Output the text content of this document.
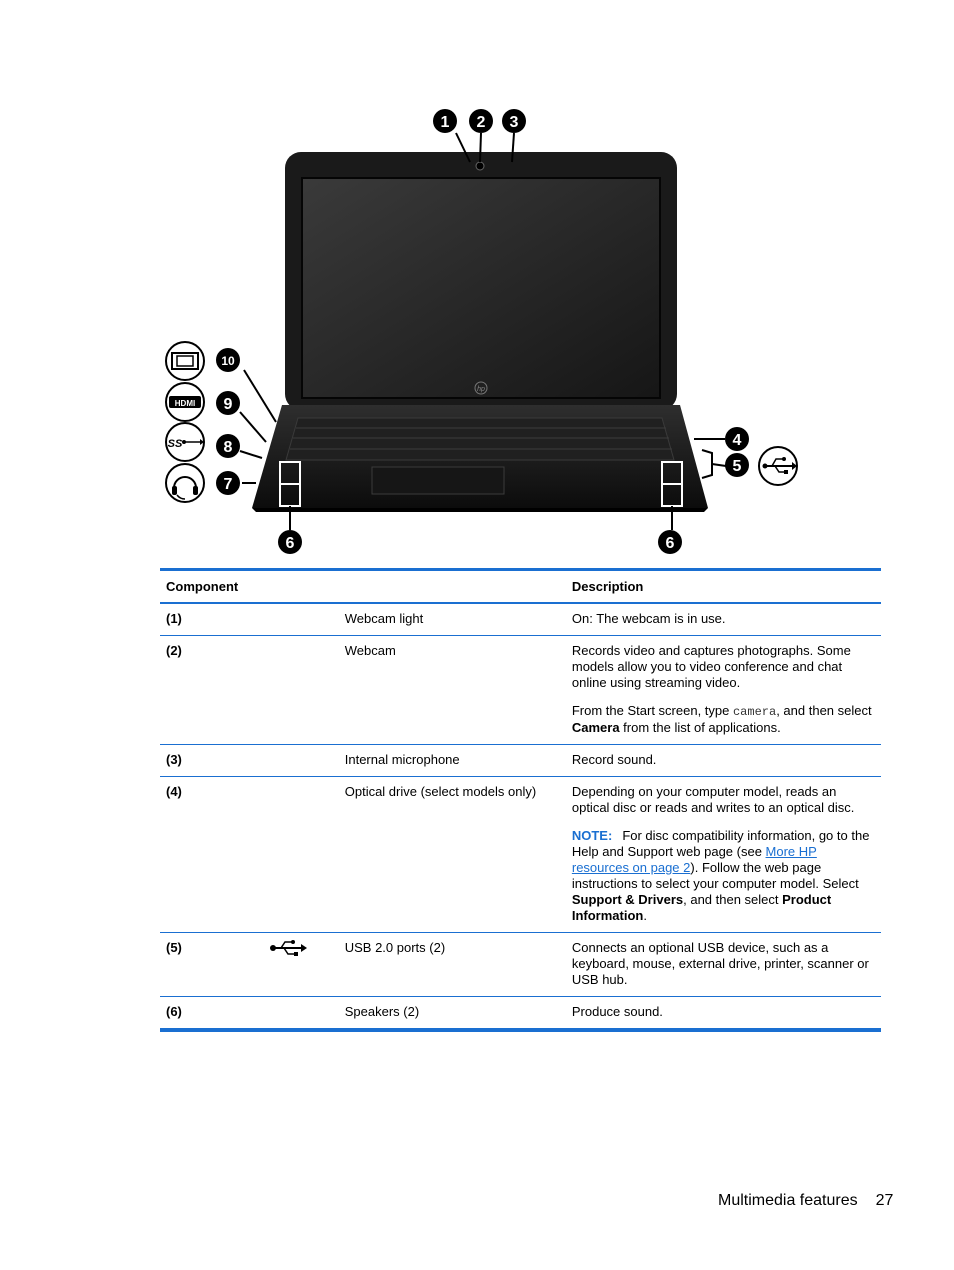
hp
1 2 3
4
5
6	6
7
8
9
10
HDMI
SS
Component			Description
(1)		Webcam light	On: The webcam is in use.
(2)		Webcam	Records video and captures photographs. Some models allow you to video conference and chat online using streaming video.

From the Start screen, type camera, and then select Camera from the list of applications.

(3)		Internal microphone	Record sound.
(4)		Optical drive (select models only)	Depending on your computer model, reads an optical disc or reads and writes to an optical disc.

NOTE: For disc compatibility information, go to the Help and Support web page (see More HP resources on page 2). Follow the web page instructions to select your computer model. Select Support & Drivers, and then select Product Information.

(5)		USB 2.0 ports (2)	Connects an optional USB device, such as a keyboard, mouse, external drive, printer, scanner or USB hub.
(6)		Speakers (2)	Produce sound.
Multimedia features 27
